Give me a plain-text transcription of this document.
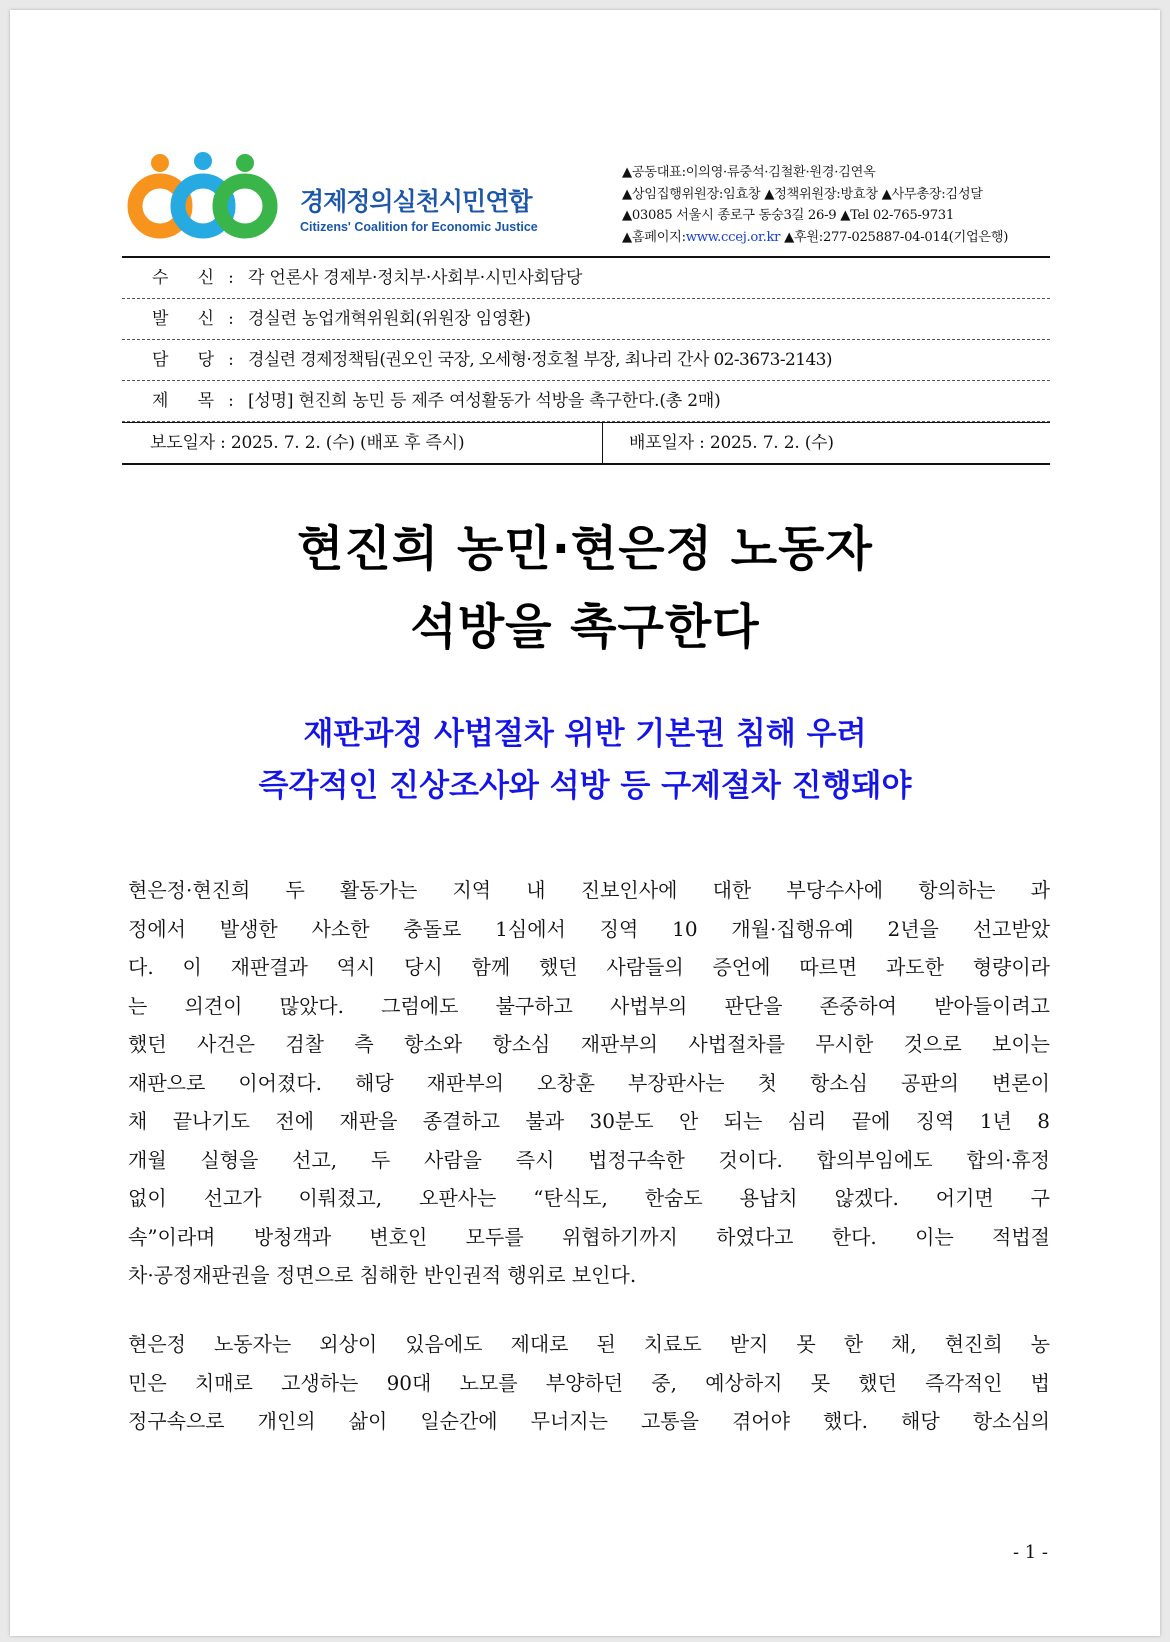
경제정의실천시민연합
Citizens' Coalition for Economic Justice
▲공동대표:이의영·류중석·김철환·원경·김연옥
▲상임집행위원장:임효창 ▲정책위원장:방효창 ▲사무총장:김성달
▲03085 서울시 종로구 동숭3길 26-9 ▲Tel 02-765-9731
▲홈페이지:www.ccej.or.kr ▲후원:277-025887-04-014(기업은행)
수 신 : 각 언론사 경제부·정치부·사회부·시민사회담당
발 신 : 경실련 농업개혁위원회(위원장 임영환)
담 당 : 경실련 경제정책팀(권오인 국장, 오세형·정호철 부장, 최나리 간사 02-3673-2143)
제 목 : [성명] 현진희 농민 등 제주 여성활동가 석방을 촉구한다.(총 2매)
보도일자 : 2025. 7. 2. (수) (배포 후 즉시)	배포일자 : 2025. 7. 2. (수)
현진희 농민·현은정 노동자
석방을 촉구한다
재판과정 사법절차 위반 기본권 침해 우려
즉각적인 진상조사와 석방 등 구제절차 진행돼야
현은정·현진희 두 활동가는 지역 내 진보인사에 대한 부당수사에 항의하는 과
정에서 발생한 사소한 충돌로 1심에서 징역 10 개월·집행유예 2년을 선고받았
다. 이 재판결과 역시 당시 함께 했던 사람들의 증언에 따르면 과도한 형량이라
는 의견이 많았다. 그럼에도 불구하고 사법부의 판단을 존중하여 받아들이려고
했던 사건은 검찰 측 항소와 항소심 재판부의 사법절차를 무시한 것으로 보이는
재판으로 이어졌다. 해당 재판부의 오창훈 부장판사는 첫 항소심 공판의 변론이
채 끝나기도 전에 재판을 종결하고 불과 30분도 안 되는 심리 끝에 징역 1년 8
개월 실형을 선고, 두 사람을 즉시 법정구속한 것이다. 합의부임에도 합의·휴정
없이 선고가 이뤄졌고, 오판사는 “탄식도, 한숨도 용납치 않겠다. 어기면 구
속”이라며 방청객과 변호인 모두를 위협하기까지 하였다고 한다. 이는 적법절
차·공정재판권을 정면으로 침해한 반인권적 행위로 보인다.
현은정 노동자는 외상이 있음에도 제대로 된 치료도 받지 못 한 채, 현진희 농
민은 치매로 고생하는 90대 노모를 부양하던 중, 예상하지 못 했던 즉각적인 법
정구속으로 개인의 삶이 일순간에 무너지는 고통을 겪어야 했다. 해당 항소심의
- 1 -
